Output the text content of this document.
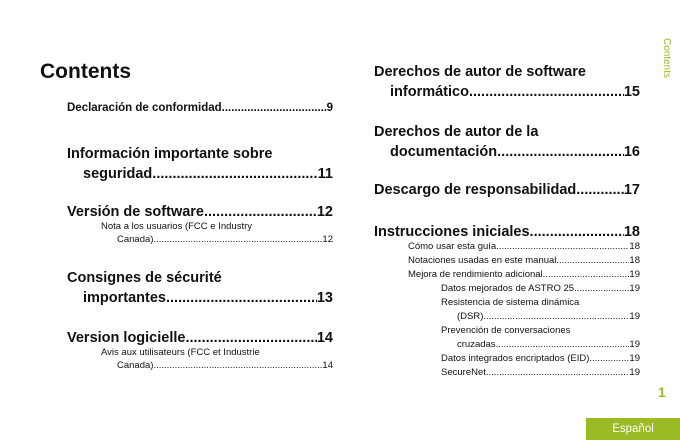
Contents
Declaración de conformidad .....	9
Información importante sobre
seguridad .....	11
Versión de software .....	12
Nota a los usuarios (FCC e Industry
Canada) .....	12
Consignes de sécurité
importantes .....	13
Version logicielle .....	14
Avis aux utilisateurs (FCC et Industrie
Canada) .....	14
Derechos de autor de software
informático .....	15
Derechos de autor de la
documentación .....	16
Descargo de responsabilidad .....	17
Instrucciones iniciales .....	18
Cómo usar esta guía .....	18
Notaciones usadas en este manual .....	18
Mejora de rendimiento adicional .....	19
Datos mejorados de ASTRO 25 .....	19
Resistencia de sistema dinámica
(DSR) .....	19
Prevención de conversaciones
cruzadas .....	19
Datos integrados encriptados (EID) .....	19
SecureNet .....	19
Contents
1
Español
